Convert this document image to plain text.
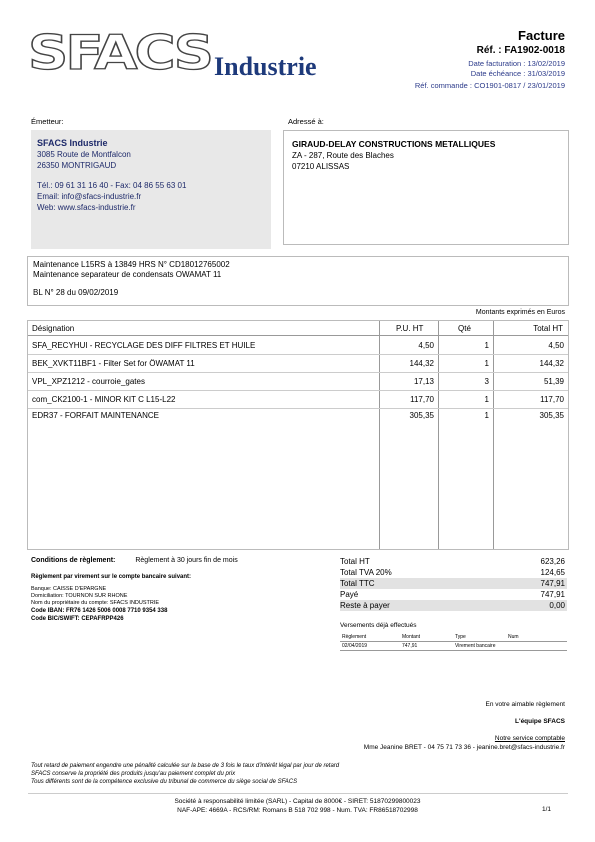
SFACS Industrie
Facture
Réf. : FA1902-0018
Date facturation : 13/02/2019
Date échéance : 31/03/2019
Réf. commande : CO1901-0817 / 23/01/2019
Émetteur:
SFACS Industrie
3085 Route de Montfalcon
26350 MONTRIGAUD
Tél.: 09 61 31 16 40 - Fax: 04 86 55 63 01
Email: info@sfacs-industrie.fr
Web: www.sfacs-industrie.fr
Adressé à:
GIRAUD-DELAY CONSTRUCTIONS METALLIQUES
ZA - 287, Route des Blaches
07210 ALISSAS
Maintenance L15RS à 13849 HRS N° CD18012765002
Maintenance separateur de condensats OWAMAT 11
BL N° 28 du 09/02/2019
Montants exprimés en Euros
Désignation	P.U. HT	Qté	Total HT
SFA_RECYHUI - RECYCLAGE DES DIFF FILTRES ET HUILE	4,50	1	4,50
BEK_XVKT11BF1 - Filter Set for ÖWAMAT 11	144,32	1	144,32
VPL_XPZ1212 - courroie_gates	17,13	3	51,39
com_CK2100-1 - MINOR KIT C L15-L22	117,70	1	117,70
EDR37 - FORFAIT MAINTENANCE	305,35	1	305,35
Conditions de règlement:	Règlement à 30 jours fin de mois
Règlement par virement sur le compte bancaire suivant:
Banque: CAISSE D'EPARGNE
Domiciliation: TOURNON SUR RHONE
Nom du propriétaire du compte: SFACS INDUSTRIE
Code IBAN: FR76 1426 5006 0008 7710 9354 338
Code BIC/SWIFT: CEPAFRPP426
Total HT	623,26
Total TVA 20%	124,65
Total TTC	747,91
Payé	747,91
Reste à payer	0,00
Versements déjà effectués
Règlement	Montant	Type	Num
02/04/2019	747,91	Virement bancaire
En votre aimable règlement
L'équipe SFACS
Notre service comptable
Mme Jeanine BRET - 04 75 71 73 36 - jeanine.bret@sfacs-industrie.fr
Tout retard de paiement engendre une pénalité calculée sur la base de 3 fois le taux d'intérêt légal par jour de retard
SFACS conserve la propriété des produits jusqu'au paiement complet du prix
Tous différents sont de la compétence exclusive du tribunal de commerce du siège social de SFACS
Société à responsabilité limitée (SARL) - Capital de 8000€ - SIRET: 51870299800023
NAF-APE: 4669A - RCS/RM: Romans B 518 702 998 - Num. TVA: FR86518702998	1/1
